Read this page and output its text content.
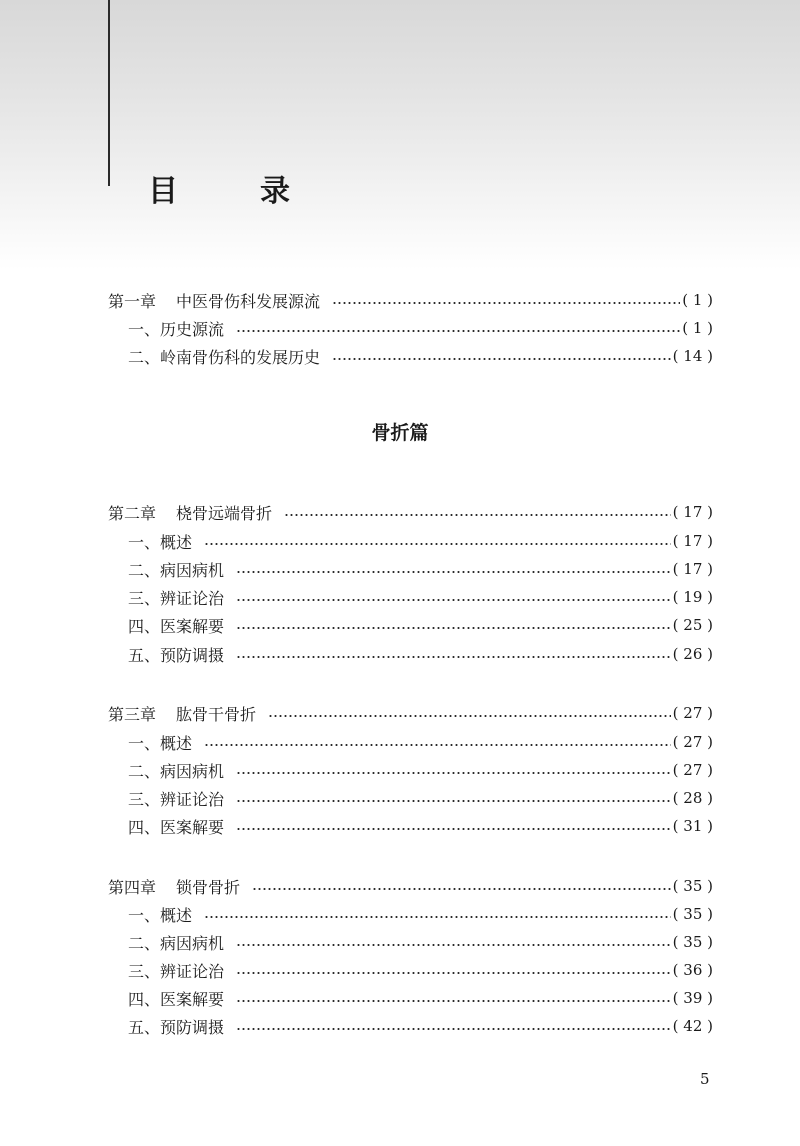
目　录
第一章 中医骨伤科发展源流	( 1 )
一、 历史源流	( 1 )
二、 岭南骨伤科的发展历史	( 14 )
骨折篇
第二章 桡骨远端骨折	( 17 )
一、 概述	( 17 )
二、 病因病机	( 17 )
三、 辨证论治	( 19 )
四、 医案解要	( 25 )
五、 预防调摄	( 26 )
第三章 肱骨干骨折	( 27 )
一、 概述	( 27 )
二、 病因病机	( 27 )
三、 辨证论治	( 28 )
四、 医案解要	( 31 )
第四章 锁骨骨折	( 35 )
一、 概述	( 35 )
二、 病因病机	( 35 )
三、 辨证论治	( 36 )
四、 医案解要	( 39 )
五、 预防调摄	( 42 )
5
